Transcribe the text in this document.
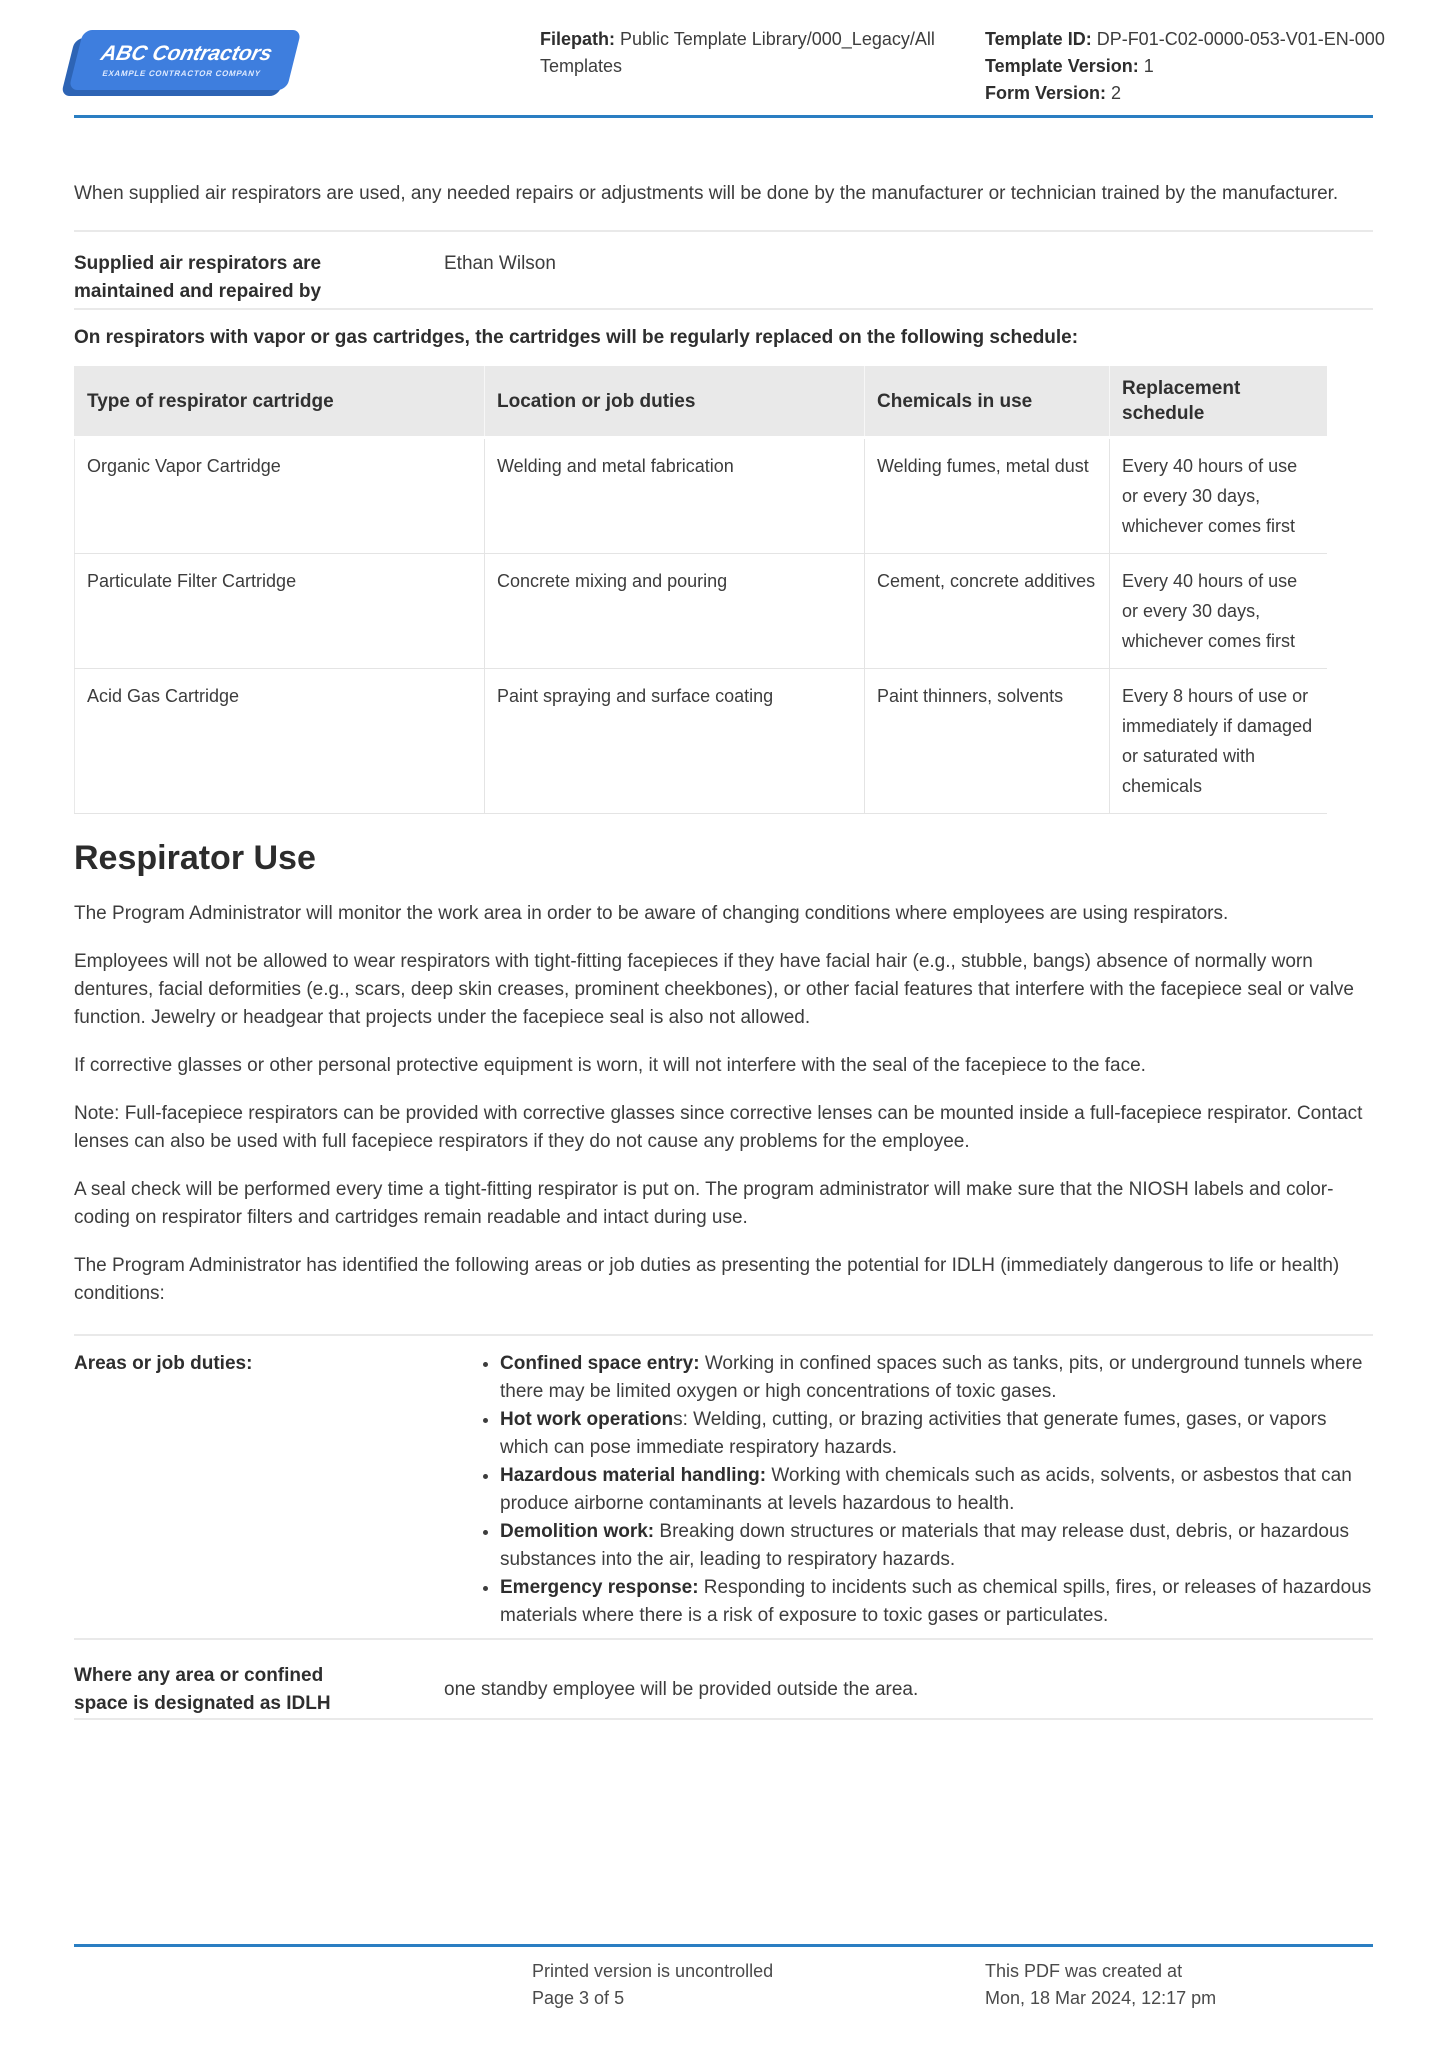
ABC Contractors
EXAMPLE CONTRACTOR COMPANY
Filepath: Public Template Library/000_Legacy/All Templates
Template ID: DP-F01-C02-0000-053-V01-EN-000
Template Version: 1
Form Version: 2

When supplied air respirators are used, any needed repairs or adjustments will be done by the manufacturer or technician trained by the manufacturer.

Supplied air respirators are maintained and repaired by
Ethan Wilson

On respirators with vapor or gas cartridges, the cartridges will be regularly replaced on the following schedule:

Type of respirator cartridge	Location or job duties	Chemicals in use	Replacement schedule
Organic Vapor Cartridge	Welding and metal fabrication	Welding fumes, metal dust	Every 40 hours of use or every 30 days, whichever comes first
Particulate Filter Cartridge	Concrete mixing and pouring	Cement, concrete additives	Every 40 hours of use or every 30 days, whichever comes first
Acid Gas Cartridge	Paint spraying and surface coating	Paint thinners, solvents	Every 8 hours of use or immediately if damaged or saturated with chemicals
Respirator Use

The Program Administrator will monitor the work area in order to be aware of changing conditions where employees are using respirators.

Employees will not be allowed to wear respirators with tight-fitting facepieces if they have facial hair (e.g., stubble, bangs) absence of normally worn dentures, facial deformities (e.g., scars, deep skin creases, prominent cheekbones), or other facial features that interfere with the facepiece seal or valve function. Jewelry or headgear that projects under the facepiece seal is also not allowed.

If corrective glasses or other personal protective equipment is worn, it will not interfere with the seal of the facepiece to the face.

Note: Full-facepiece respirators can be provided with corrective glasses since corrective lenses can be mounted inside a full-facepiece respirator. Contact lenses can also be used with full facepiece respirators if they do not cause any problems for the employee.

A seal check will be performed every time a tight-fitting respirator is put on. The program administrator will make sure that the NIOSH labels and color-coding on respirator filters and cartridges remain readable and intact during use.

The Program Administrator has identified the following areas or job duties as presenting the potential for IDLH (immediately dangerous to life or health) conditions:

Areas or job duties:	• Confined space entry: Working in confined spaces such as tanks, pits, or underground tunnels where there may be limited oxygen or high concentrations of toxic gases.
• Hot work operations: Welding, cutting, or brazing activities that generate fumes, gases, or vapors which can pose immediate respiratory hazards.
• Hazardous material handling: Working with chemicals such as acids, solvents, or asbestos that can produce airborne contaminants at levels hazardous to health.
• Demolition work: Breaking down structures or materials that may release dust, debris, or hazardous substances into the air, leading to respiratory hazards.
• Emergency response: Responding to incidents such as chemical spills, fires, or releases of hazardous materials where there is a risk of exposure to toxic gases or particulates.
Where any area or confined space is designated as IDLH
one standby employee will be provided outside the area.
Printed version is uncontrolled
Page 3 of 5
This PDF was created at
Mon, 18 Mar 2024, 12:17 pm
